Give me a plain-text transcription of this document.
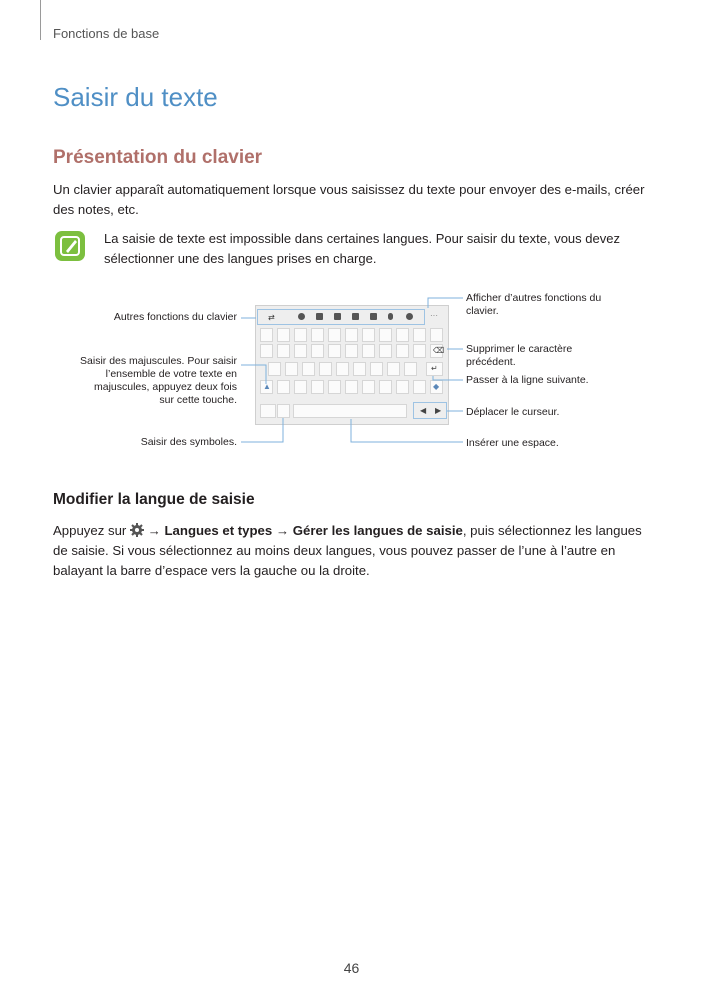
Fonctions de base
Saisir du texte
Présentation du clavier
Un clavier apparaît automatiquement lorsque vous saisissez du texte pour envoyer des e-mails, créer
des notes, etc.
La saisie de texte est impossible dans certaines langues. Pour saisir du texte, vous devez
sélectionner une des langues prises en charge.
⇄	···
⌫
↵
▲	◆
◀ ▶
Autres fonctions du clavier
Saisir des majuscules. Pour saisir
l’ensemble de votre texte en
majuscules, appuyez deux fois
sur cette touche.
Saisir des symboles.
Afficher d’autres fonctions du
clavier.
Supprimer le caractère
précédent.
Passer à la ligne suivante.
Déplacer le curseur.
Insérer une espace.
Modifier la langue de saisie
Appuyez sur  → Langues et types → Gérer les langues de saisie, puis sélectionnez les langues
de saisie. Si vous sélectionnez au moins deux langues, vous pouvez passer de l’une à l’autre en
balayant la barre d’espace vers la gauche ou la droite.
46
